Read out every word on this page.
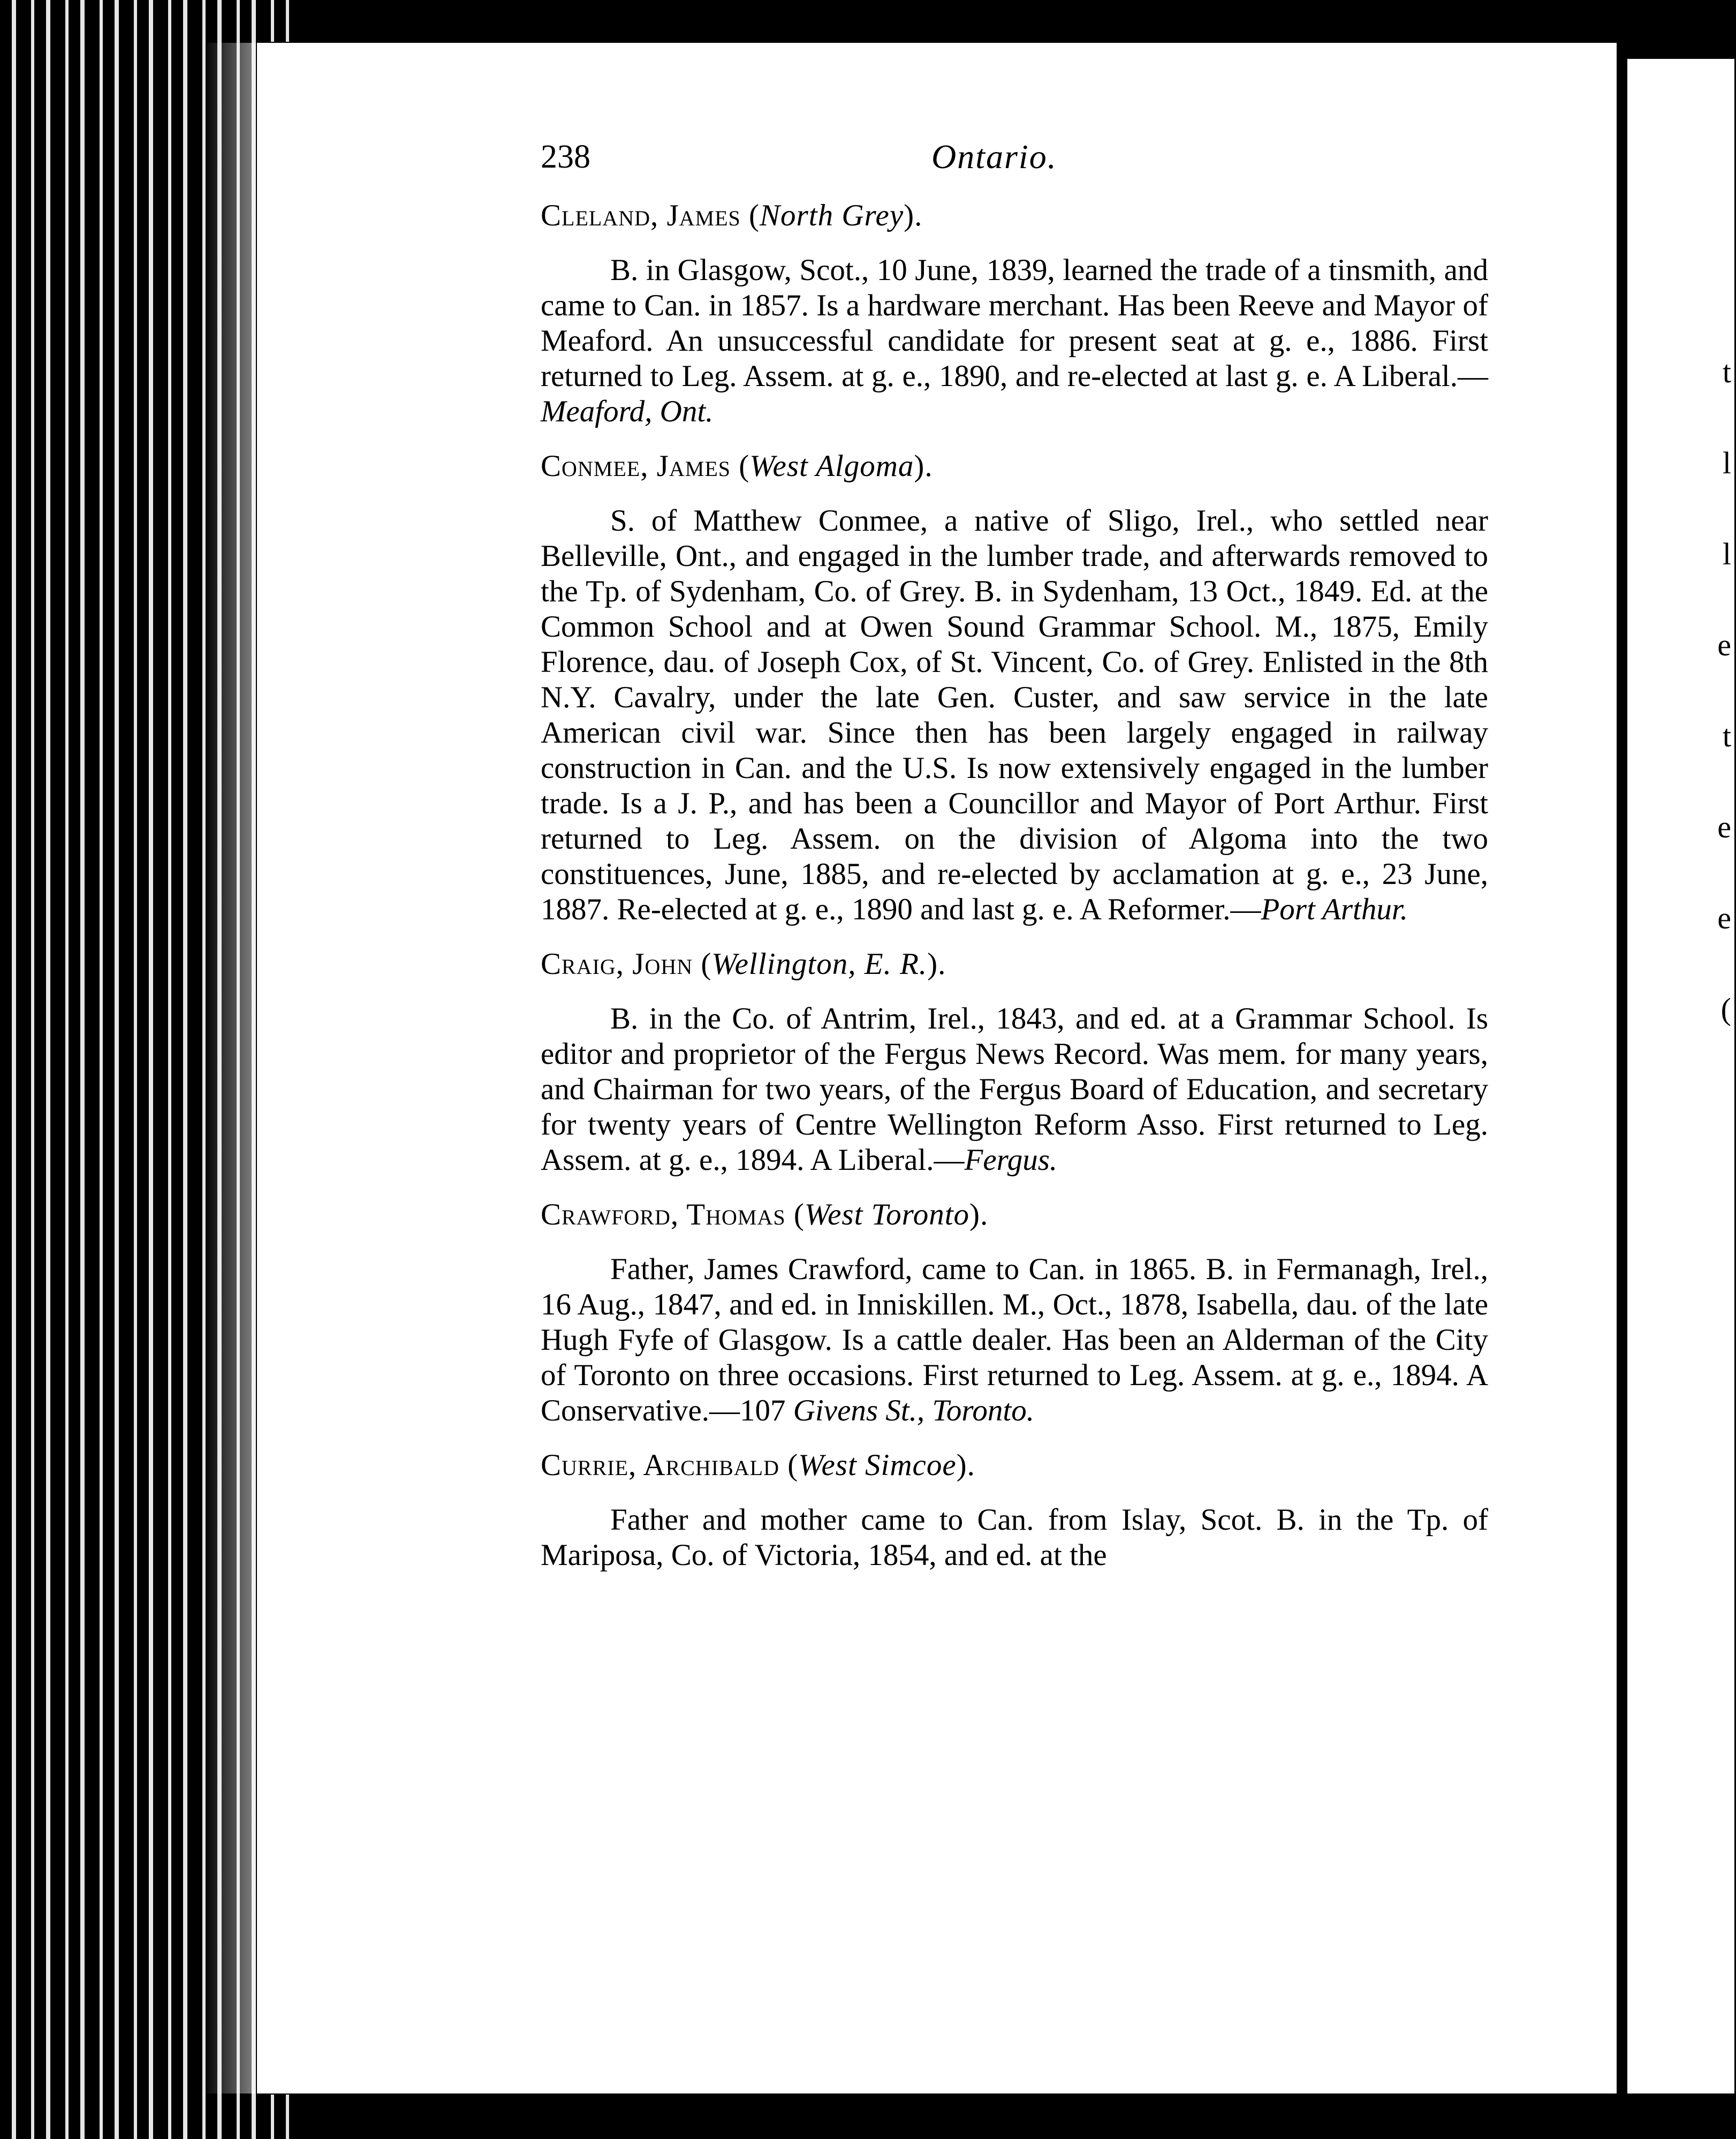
t
l
l
e
t
e
e
(
238	Ontario.

Cleland, James (North Grey).

B. in Glasgow, Scot., 10 June, 1839, learned the trade of a tinsmith, and came to Can. in 1857. Is a hardware merchant. Has been Reeve and Mayor of Meaford. An unsuccessful candidate for present seat at g. e., 1886. First returned to Leg. Assem. at g. e., 1890, and re-elected at last g. e. A Liberal.—Meaford, Ont.

Conmee, James (West Algoma).

S. of Matthew Conmee, a native of Sligo, Irel., who settled near Belleville, Ont., and engaged in the lumber trade, and afterwards removed to the Tp. of Sydenham, Co. of Grey. B. in Sydenham, 13 Oct., 1849. Ed. at the Common School and at Owen Sound Grammar School. M., 1875, Emily Florence, dau. of Joseph Cox, of St. Vincent, Co. of Grey. Enlisted in the 8th N.Y. Cavalry, under the late Gen. Custer, and saw service in the late American civil war. Since then has been largely engaged in railway construction in Can. and the U.S. Is now extensively engaged in the lumber trade. Is a J. P., and has been a Councillor and Mayor of Port Arthur. First returned to Leg. Assem. on the division of Algoma into the two constituences, June, 1885, and re-elected by acclamation at g. e., 23 June, 1887. Re-elected at g. e., 1890 and last g. e. A Reformer.—Port Arthur.

Craig, John (Wellington, E. R.).

B. in the Co. of Antrim, Irel., 1843, and ed. at a Grammar School. Is editor and proprietor of the Fergus News Record. Was mem. for many years, and Chairman for two years, of the Fergus Board of Education, and secretary for twenty years of Centre Wellington Reform Asso. First returned to Leg. Assem. at g. e., 1894. A Liberal.—Fergus.

Crawford, Thomas (West Toronto).

Father, James Crawford, came to Can. in 1865. B. in Fermanagh, Irel., 16 Aug., 1847, and ed. in Inniskillen. M., Oct., 1878, Isabella, dau. of the late Hugh Fyfe of Glasgow. Is a cattle dealer. Has been an Alderman of the City of Toronto on three occasions. First returned to Leg. Assem. at g. e., 1894. A Conservative.—107 Givens St., Toronto.

Currie, Archibald (West Simcoe).

Father and mother came to Can. from Islay, Scot. B. in the Tp. of Mariposa, Co. of Victoria, 1854, and ed. at the
